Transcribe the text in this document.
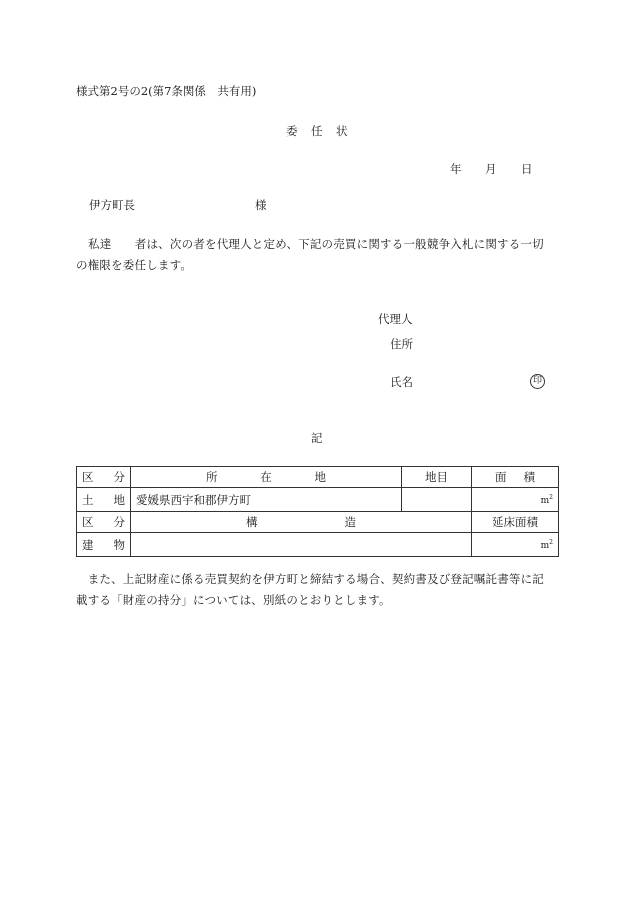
様式第2号の2(第7条関係　共有用)
委　任　状
年 月 日
伊方町長	様

私達　　者は、次の者を代理人と定め、下記の売買に関する一般競争入札に関する一切

の権限を委任します。

代理人
住所
氏名	印
記
区 分	所 在 地	地目	面 積

土 地	愛媛県西宇和郡伊方町		$m^2$

区 分	構 造		延床面積

建 物			$m^2$

　また、上記財産に係る売買契約を伊方町と締結する場合、契約書及び登記嘱託書等に記

載する「財産の持分」については、別紙のとおりとします。
